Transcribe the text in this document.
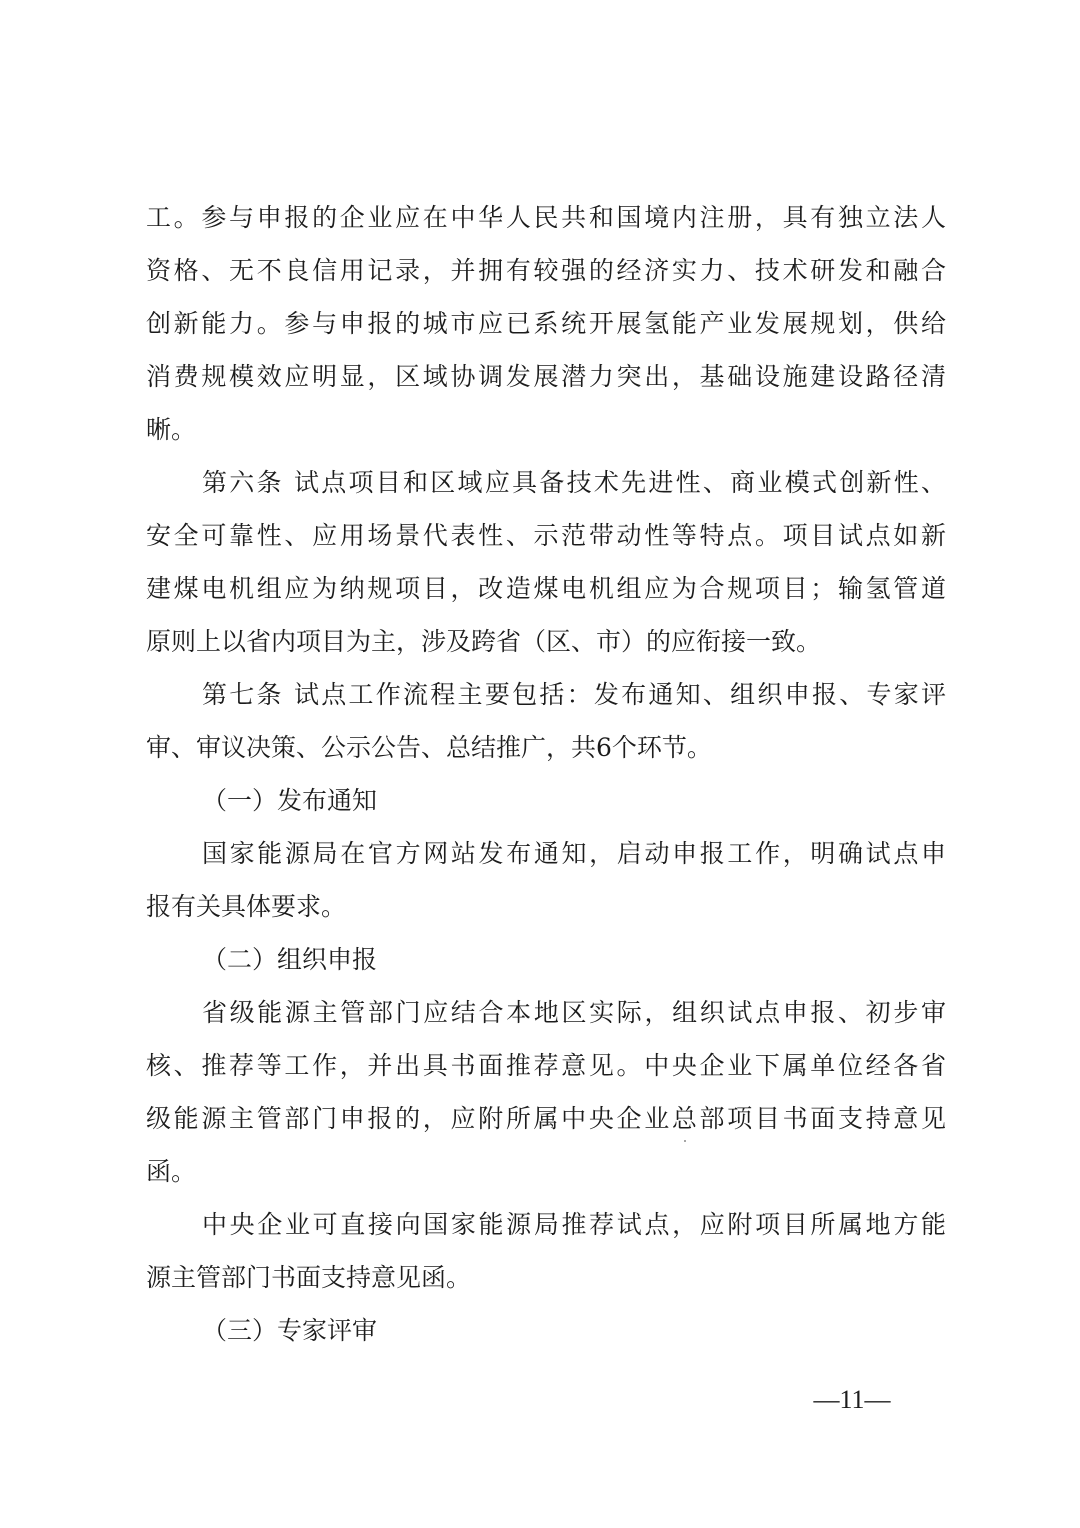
工。参与申报的企业应在中华人民共和国境内注册，具有独立法人

资格、无不良信用记录，并拥有较强的经济实力、技术研发和融合

创新能力。参与申报的城市应已系统开展氢能产业发展规划，供给

消费规模效应明显，区域协调发展潜力突出，基础设施建设路径清

晰。

第六条 试点项目和区域应具备技术先进性、商业模式创新性、

安全可靠性、应用场景代表性、示范带动性等特点。项目试点如新

建煤电机组应为纳规项目，改造煤电机组应为合规项目；输氢管道

原则上以省内项目为主，涉及跨省（区、市）的应衔接一致。

第七条 试点工作流程主要包括：发布通知、组织申报、专家评

审、审议决策、公示公告、总结推广，共6个环节。

（一）发布通知

国家能源局在官方网站发布通知，启动申报工作，明确试点申

报有关具体要求。

（二）组织申报

省级能源主管部门应结合本地区实际，组织试点申报、初步审

核、推荐等工作，并出具书面推荐意见。中央企业下属单位经各省

级能源主管部门申报的，应附所属中央企业总部项目书面支持意见

函。

中央企业可直接向国家能源局推荐试点，应附项目所属地方能

源主管部门书面支持意见函。

（三）专家评审

—11—
